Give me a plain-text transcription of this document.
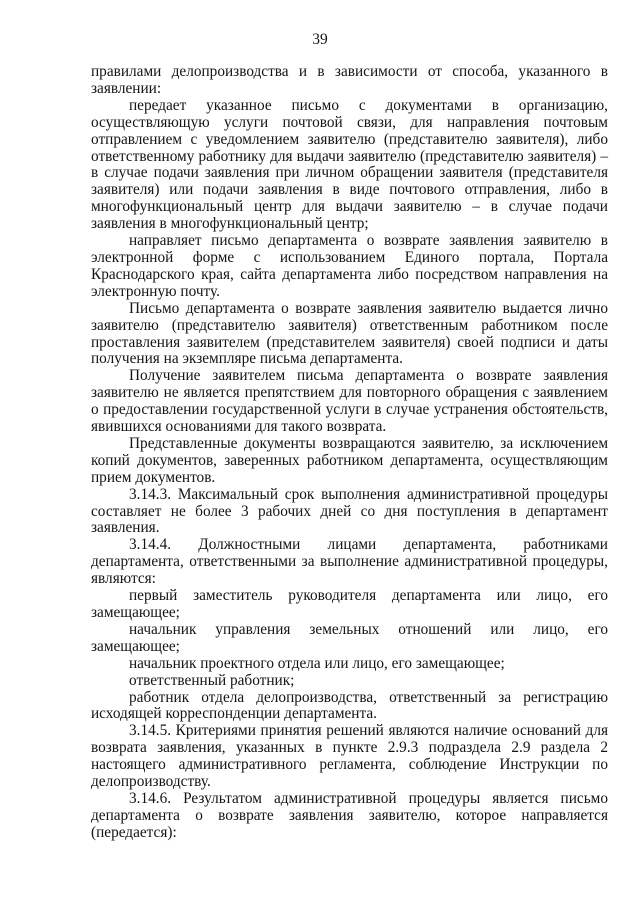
39

правилами делопроизводства и в зависимости от способа, указанного в заявлении:

передает указанное письмо с документами в организацию, осуществляющую услуги почтовой связи, для направления почтовым отправлением с уведомлением заявителю (представителю заявителя), либо ответственному работнику для выдачи заявителю (представителю заявителя) – в случае подачи заявления при личном обращении заявителя (представителя заявителя) или подачи заявления в виде почтового отправления, либо в многофункциональный центр для выдачи заявителю – в случае подачи заявления в многофункциональный центр;

направляет письмо департамента о возврате заявления заявителю в электронной форме с использованием Единого портала, Портала Краснодарского края, сайта департамента либо посредством направления на электронную почту.

Письмо департамента о возврате заявления заявителю выдается лично заявителю (представителю заявителя) ответственным работником после проставления заявителем (представителем заявителя) своей подписи и даты получения на экземпляре письма департамента.

Получение заявителем письма департамента о возврате заявления заявителю не является препятствием для повторного обращения с заявлением о предоставлении государственной услуги в случае устранения обстоятельств, явившихся основаниями для такого возврата.

Представленные документы возвращаются заявителю, за исключением копий документов, заверенных работником департамента, осуществляющим прием документов.

3.14.3. Максимальный срок выполнения административной процедуры составляет не более 3 рабочих дней со дня поступления в департамент заявления.

3.14.4. Должностными лицами департамента, работниками департамента, ответственными за выполнение административной процедуры, являются:

первый заместитель руководителя департамента или лицо, его замещающее;

начальник управления земельных отношений или лицо, его замещающее;

начальник проектного отдела или лицо, его замещающее;

ответственный работник;

работник отдела делопроизводства, ответственный за регистрацию исходящей корреспонденции департамента.

3.14.5. Критериями принятия решений являются наличие оснований для возврата заявления, указанных в пункте 2.9.3 подраздела 2.9 раздела 2 настоящего административного регламента, соблюдение Инструкции по делопроизводству.

3.14.6. Результатом административной процедуры является письмо департамента о возврате заявления заявителю, которое направляется (передается):
